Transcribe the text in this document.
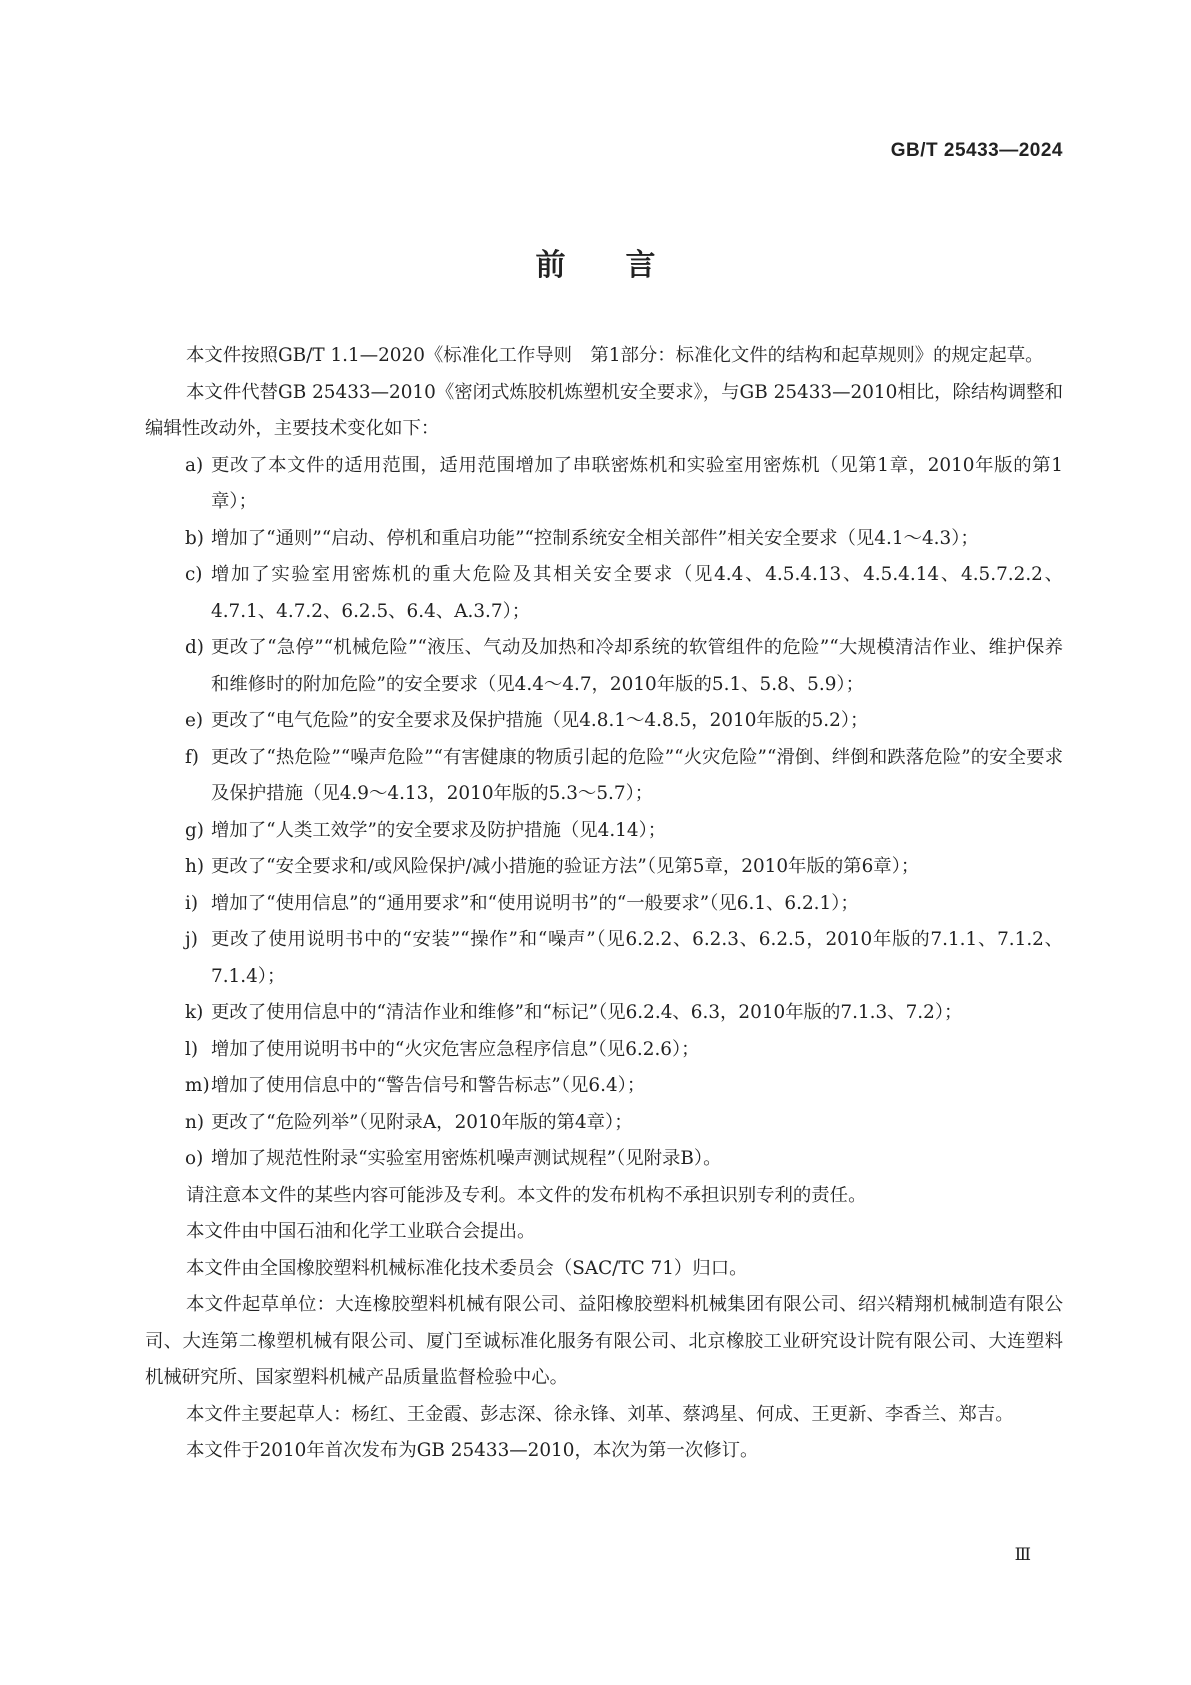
GB/T 25433—2024
前言

本文件按照GB/T 1.1—2020《标准化工作导则　第1部分：标准化文件的结构和起草规则》的规定起草。

本文件代替GB 25433—2010《密闭式炼胶机炼塑机安全要求》，与GB 25433—2010相比，除结构调整和编辑性改动外，主要技术变化如下：

a) 更改了本文件的适用范围，适用范围增加了串联密炼机和实验室用密炼机（见第1章，2010年版的第1章）；
b) 增加了“通则”“启动、停机和重启功能”“控制系统安全相关部件”相关安全要求（见4.1～4.3）；
c) 增加了实验室用密炼机的重大危险及其相关安全要求（见4.4、4.5.4.13、4.5.4.14、4.5.7.2.2、4.7.1、4.7.2、6.2.5、6.4、A.3.7）；
d) 更改了“急停”“机械危险”“液压、气动及加热和冷却系统的软管组件的危险”“大规模清洁作业、维护保养和维修时的附加危险”的安全要求（见4.4～4.7，2010年版的5.1、5.8、5.9）；
e) 更改了“电气危险”的安全要求及保护措施（见4.8.1～4.8.5，2010年版的5.2）；
f) 更改了“热危险”“噪声危险”“有害健康的物质引起的危险”“火灾危险”“滑倒、绊倒和跌落危险”的安全要求及保护措施（见4.9～4.13，2010年版的5.3～5.7）；
g) 增加了“人类工效学”的安全要求及防护措施（见4.14）；
h) 更改了“安全要求和/或风险保护/减小措施的验证方法”（见第5章，2010年版的第6章）；
i) 增加了“使用信息”的“通用要求”和“使用说明书”的“一般要求”（见6.1、6.2.1）；
j) 更改了使用说明书中的“安装”“操作”和“噪声”（见6.2.2、6.2.3、6.2.5，2010年版的7.1.1、7.1.2、7.1.4）；
k) 更改了使用信息中的“清洁作业和维修”和“标记”（见6.2.4、6.3，2010年版的7.1.3、7.2）；
l) 增加了使用说明书中的“火灾危害应急程序信息”（见6.2.6）；
m) 增加了使用信息中的“警告信号和警告标志”（见6.4）；
n) 更改了“危险列举”（见附录A，2010年版的第4章）；
o) 增加了规范性附录“实验室用密炼机噪声测试规程”（见附录B）。

请注意本文件的某些内容可能涉及专利。本文件的发布机构不承担识别专利的责任。

本文件由中国石油和化学工业联合会提出。

本文件由全国橡胶塑料机械标准化技术委员会（SAC/TC 71）归口。

本文件起草单位：大连橡胶塑料机械有限公司、益阳橡胶塑料机械集团有限公司、绍兴精翔机械制造有限公司、大连第二橡塑机械有限公司、厦门至诚标准化服务有限公司、北京橡胶工业研究设计院有限公司、大连塑料机械研究所、国家塑料机械产品质量监督检验中心。

本文件主要起草人：杨红、王金霞、彭志深、徐永锋、刘革、蔡鸿星、何成、王更新、李香兰、郑吉。

本文件于2010年首次发布为GB 25433—2010，本次为第一次修订。

Ⅲ
